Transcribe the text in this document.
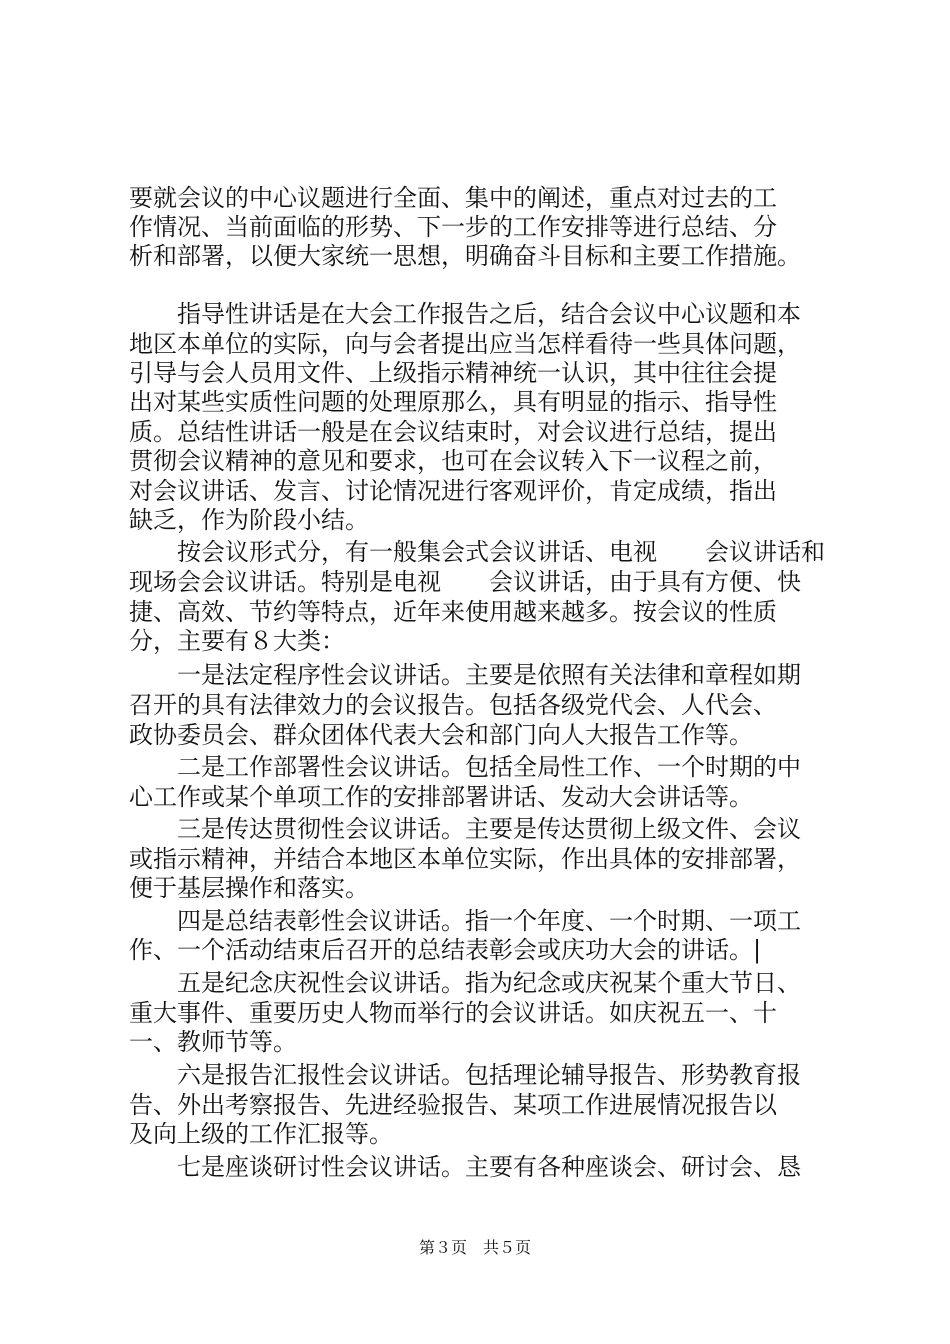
要就会议的中心议题进行全面、集中的阐述，重点对过去的工
作情况、当前面临的形势、下一步的工作安排等进行总结、分
析和部署，以便大家统一思想，明确奋斗目标和主要工作措施。
指导性讲话是在大会工作报告之后，结合会议中心议题和本
地区本单位的实际，向与会者提出应当怎样看待一些具体问题，
引导与会人员用文件、上级指示精神统一认识，其中往往会提
出对某些实质性问题的处理原那么，具有明显的指示、指导性
质。总结性讲话一般是在会议结束时，对会议进行总结，提出
贯彻会议精神的意见和要求，也可在会议转入下一议程之前，
对会议讲话、发言、讨论情况进行客观评价，肯定成绩，指出
缺乏，作为阶段小结。
按会议形式分，有一般集会式会议讲话、电视　　会议讲话和
现场会会议讲话。特别是电视　　会议讲话，由于具有方便、快
捷、高效、节约等特点，近年来使用越来越多。按会议的性质
分，主要有８大类：
一是法定程序性会议讲话。主要是依照有关法律和章程如期
召开的具有法律效力的会议报告。包括各级党代会、人代会、
政协委员会、群众团体代表大会和部门向人大报告工作等。
二是工作部署性会议讲话。包括全局性工作、一个时期的中
心工作或某个单项工作的安排部署讲话、发动大会讲话等。
三是传达贯彻性会议讲话。主要是传达贯彻上级文件、会议
或指示精神，并结合本地区本单位实际，作出具体的安排部署，
便于基层操作和落实。
四是总结表彰性会议讲话。指一个年度、一个时期、一项工
作、一个活动结束后召开的总结表彰会或庆功大会的讲话。|
五是纪念庆祝性会议讲话。指为纪念或庆祝某个重大节日、
重大事件、重要历史人物而举行的会议讲话。如庆祝五一、十
一、教师节等。
六是报告汇报性会议讲话。包括理论辅导报告、形势教育报
告、外出考察报告、先进经验报告、某项工作进展情况报告以
及向上级的工作汇报等。
七是座谈研讨性会议讲话。主要有各种座谈会、研讨会、恳
第３页　共５页
